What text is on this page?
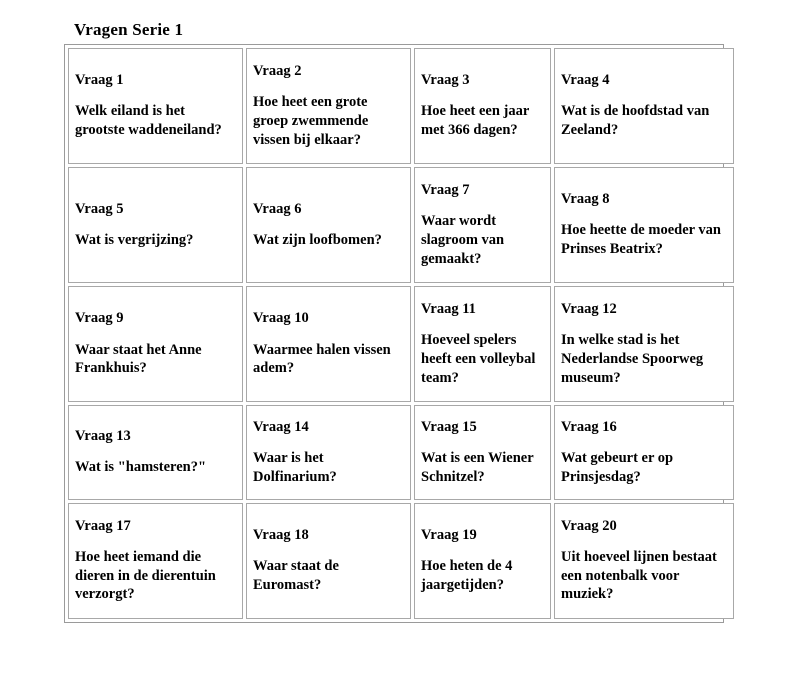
Vragen Serie 1
Vraag 1
Welk eiland is het grootste waddeneiland?

Vraag 2
Hoe heet een grote groep zwemmende vissen bij elkaar?

Vraag 3
Hoe heet een jaar met 366 dagen?

Vraag 4
Wat is de hoofdstad van Zeeland?

Vraag 5
Wat is vergrijzing?

Vraag 6
Wat zijn loofbomen?

Vraag 7
Waar wordt slagroom van gemaakt?

Vraag 8
Hoe heette de moeder van Prinses Beatrix?

Vraag 9
Waar staat het Anne Frankhuis?

Vraag 10
Waarmee halen vissen adem?

Vraag 11
Hoeveel spelers heeft een volleybal team?

Vraag 12
In welke stad is het Nederlandse Spoorweg museum?

Vraag 13
Wat is "hamsteren?"

Vraag 14
Waar is het Dolfinarium?

Vraag 15
Wat is een Wiener Schnitzel?

Vraag 16
Wat gebeurt er op Prinsjesdag?

Vraag 17
Hoe heet iemand die dieren in de dierentuin verzorgt?

Vraag 18
Waar staat de Euromast?

Vraag 19
Hoe heten de 4 jaargetijden?

Vraag 20
Uit hoeveel lijnen bestaat een notenbalk voor muziek?
